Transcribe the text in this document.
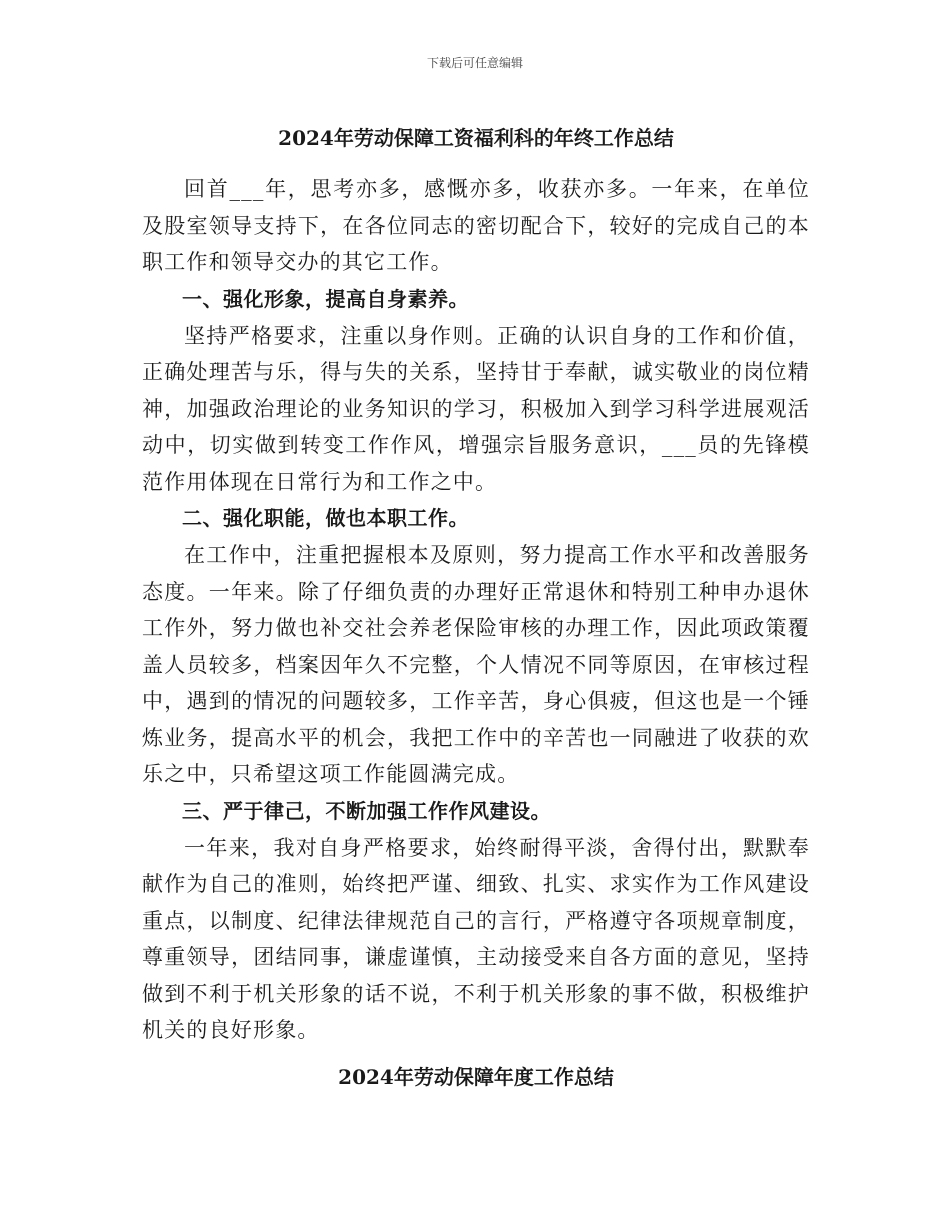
下载后可任意编辑
2024年劳动保障工资福利科的年终工作总结

回首___年，思考亦多，感慨亦多，收获亦多。一年来，在单位及股室领导支持下，在各位同志的密切配合下，较好的完成自己的本职工作和领导交办的其它工作。

一、强化形象，提高自身素养。

坚持严格要求，注重以身作则。正确的认识自身的工作和价值，正确处理苦与乐，得与失的关系，坚持甘于奉献，诚实敬业的岗位精神，加强政治理论的业务知识的学习，积极加入到学习科学进展观活动中，切实做到转变工作作风，增强宗旨服务意识，___员的先锋模范作用体现在日常行为和工作之中。

二、强化职能，做也本职工作。

在工作中，注重把握根本及原则，努力提高工作水平和改善服务态度。一年来。除了仔细负责的办理好正常退休和特别工种申办退休工作外，努力做也补交社会养老保险审核的办理工作，因此项政策覆盖人员较多，档案因年久不完整，个人情况不同等原因，在审核过程中，遇到的情况的问题较多，工作辛苦，身心俱疲，但这也是一个锤炼业务，提高水平的机会，我把工作中的辛苦也一同融进了收获的欢乐之中，只希望这项工作能圆满完成。

三、严于律己，不断加强工作作风建设。

一年来，我对自身严格要求，始终耐得平淡，舍得付出，默默奉献作为自己的准则，始终把严谨、细致、扎实、求实作为工作风建设重点，以制度、纪律法律规范自己的言行，严格遵守各项规章制度，尊重领导，团结同事，谦虚谨慎，主动接受来自各方面的意见，坚持做到不利于机关形象的话不说，不利于机关形象的事不做，积极维护机关的良好形象。

2024年劳动保障年度工作总结
